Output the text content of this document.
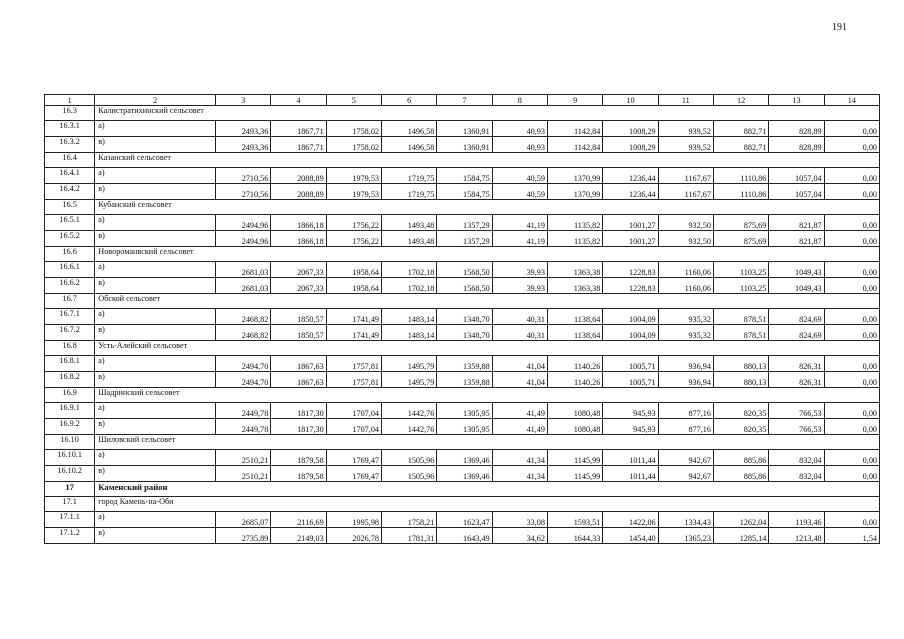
191
1	2	3	4	5	6	7	8	9	10	11	12	13	14
16.3	Калистратихинский сельсовет												
16.3.1	а)	2493,36	1867,71	1758,02	1496,58	1360,91	40,93	1142,84	1008,29	939,52	882,71	828,89	0,00
16.3.2	в)	2493,36	1867,71	1758,02	1496,58	1360,91	40,93	1142,84	1008,29	939,52	882,71	828,89	0,00
16.4	Казанский сельсовет												
16.4.1	а)	2710,56	2088,89	1979,53	1719,75	1584,75	40,59	1370,99	1236,44	1167,67	1110,86	1057,04	0,00
16.4.2	в)	2710,56	2088,89	1979,53	1719,75	1584,75	40,59	1370,99	1236,44	1167,67	1110,86	1057,04	0,00
16.5	Кубанский сельсовет												
16.5.1	а)	2494,96	1866,18	1756,22	1493,48	1357,29	41,19	1135,82	1001,27	932,50	875,69	821,87	0,00
16.5.2	в)	2494,96	1866,18	1756,22	1493,48	1357,29	41,19	1135,82	1001,27	932,50	875,69	821,87	0,00
16.6	Новороманвский сельсовет												
16.6.1	а)	2681,03	2067,33	1958,64	1702,18	1568,50	39,93	1363,38	1228,83	1160,06	1103,25	1049,43	0,00
16.6.2	в)	2681,03	2067,33	1958,64	1702,18	1568,50	39,93	1363,38	1228,83	1160,06	1103,25	1049,43	0,00
16.7	Обской сельсовет												
16.7.1	а)	2468,82	1850,57	1741,49	1483,14	1348,70	40,31	1138,64	1004,09	935,32	878,51	824,69	0,00
16.7.2	в)	2468,82	1850,57	1741,49	1483,14	1348,70	40,31	1138,64	1004,09	935,32	878,51	824,69	0,00
16.8	Усть-Алейский сельсовет												
16.8.1	а)	2494,70	1867,63	1757,81	1495,79	1359,88	41,04	1140,26	1005,71	936,94	880,13	826,31	0,00
16.8.2	в)	2494,70	1867,63	1757,81	1495,79	1359,88	41,04	1140,26	1005,71	936,94	880,13	826,31	0,00
16.9	Шадринский сельсовет												
16.9.1	а)	2449,78	1817,30	1707,04	1442,76	1305,95	41,49	1080,48	945,93	877,16	820,35	766,53	0,00
16.9.2	в)	2449,78	1817,30	1707,04	1442,76	1305,95	41,49	1080,48	945,93	877,16	820,35	766,53	0,00
16.10	Шиловский сельсовет												
16.10.1	а)	2510,21	1879,58	1769,47	1505,96	1369,46	41,34	1145,99	1011,44	942,67	885,86	832,04	0,00
16.10.2	в)	2510,21	1879,58	1769,47	1505,96	1369,46	41,34	1145,99	1011,44	942,67	885,86	832,04	0,00
17	Каменский район												
17.1	город Камень-на-Оби												
17.1.1	а)	2685,07	2116,69	1995,98	1758,21	1623,47	33,08	1593,51	1422,06	1334,43	1262,04	1193,46	0,00
17.1.2	в)	2735,89	2149,03	2026,78	1781,31	1643,49	34,62	1644,33	1454,40	1365,23	1285,14	1213,48	1,54
